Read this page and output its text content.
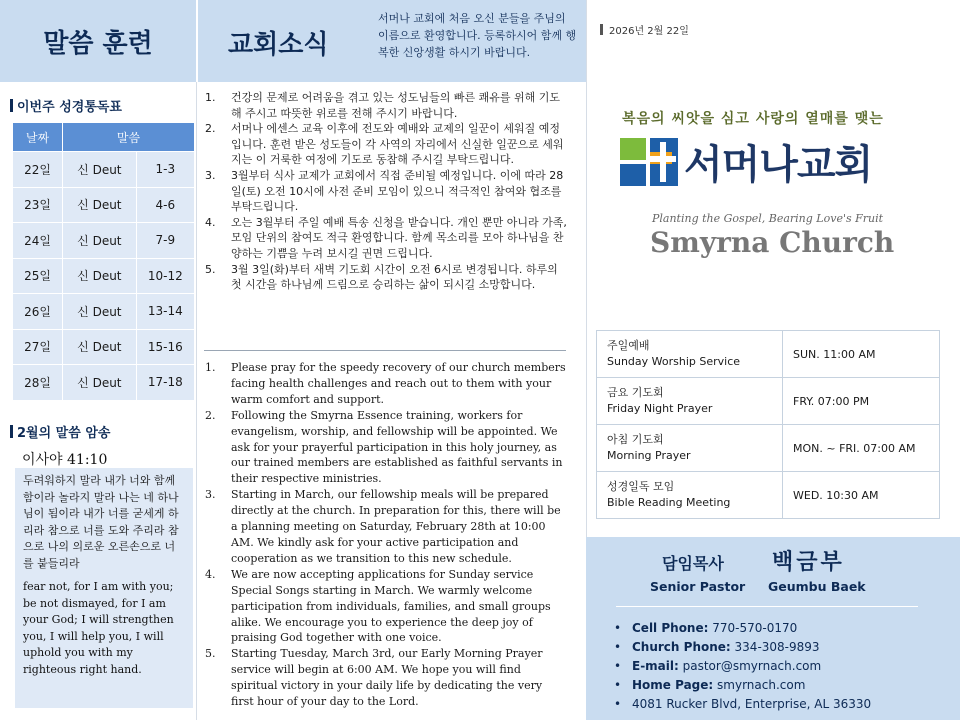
말씀 훈련	교회소식
서머나 교회에 처음 오신 분들을 주님의 이름으로 환영합니다. 등록하시어 함께 행복한 신앙생활 하시기 바랍니다.
이번주 성경통독표
날짜	말씀	
22일	신 Deut	1-3
23일	신 Deut	4-6
24일	신 Deut	7-9
25일	신 Deut	10-12
26일	신 Deut	13-14
27일	신 Deut	15-16
28일	신 Deut	17-18
2월의 말씀 암송
이사야 41:10
두려워하지 말라 내가 너와 함께 함이라 놀라지 말라 나는 네 하나님이 됨이라 내가 너를 굳세게 하리라 참으로 너를 도와 주리라 참으로 나의 의로운 오른손으로 너를 붙들리라
fear not, for I am with you; be not dismayed, for I am your God; I will strengthen you, I will help you, I will uphold you with my righteous right hand.
1.	건강의 문제로 어려움을 겪고 있는 성도님들의 빠른 쾌유를 위해 기도해 주시고 따뜻한 위로를 전해 주시기 바랍니다.
2.	서머나 에센스 교육 이후에 전도와 예배와 교제의 일꾼이 세워질 예정입니다. 훈련 받은 성도들이 각 사역의 자리에서 신실한 일꾼으로 세워지는 이 거룩한 여정에 기도로 동참해 주시길 부탁드립니다.
3.	3월부터 식사 교제가 교회에서 직접 준비될 예정입니다. 이에 따라 28일(토) 오전 10시에 사전 준비 모임이 있으니 적극적인 참여와 협조를 부탁드립니다.
4.	오는 3월부터 주일 예배 특송 신청을 받습니다. 개인 뿐만 아니라 가족, 모임 단위의 참여도 적극 환영합니다. 함께 목소리를 모아 하나님을 찬양하는 기쁨을 누려 보시길 권면 드립니다.
5.	3월 3일(화)부터 새벽 기도회 시간이 오전 6시로 변경됩니다. 하루의 첫 시간을 하나님께 드림으로 승리하는 삶이 되시길 소망합니다.
1.	Please pray for the speedy recovery of our church members facing health challenges and reach out to them with your warm comfort and support.
2.	Following the Smyrna Essence training, workers for evangelism, worship, and fellowship will be appointed. We ask for your prayerful participation in this holy journey, as our trained members are established as faithful servants in their respective ministries.
3.	Starting in March, our fellowship meals will be prepared directly at the church. In preparation for this, there will be a planning meeting on Saturday, February 28th at 10:00 AM. We kindly ask for your active participation and cooperation as we transition to this new schedule.
4.	We are now accepting applications for Sunday service Special Songs starting in March. We warmly welcome participation from individuals, families, and small groups alike. We encourage you to experience the deep joy of praising God together with one voice.
5.	Starting Tuesday, March 3rd, our Early Morning Prayer service will begin at 6:00 AM. We hope you will find spiritual victory in your daily life by dedicating the very first hour of your day to the Lord.
2026년 2월 22일
복음의 씨앗을 심고 사랑의 열매를 맺는
서머나교회
Planting the Gospel, Bearing Love's Fruit
Smyrna Church
주일예배
Sunday Worship Service	SUN. 11:00 AM

금요 기도회
Friday Night Prayer	FRY. 07:00 PM

아침 기도회
Morning Prayer	MON. ~ FRI. 07:00 AM

성경일독 모임
Bible Reading Meeting	WED. 10:30 AM
담임목사 백금부
Senior Pastor Geumbu Baek
• Cell Phone: 770-570-0170
• Church Phone: 334-308-9893
• E-mail: pastor@smyrnach.com
• Home Page: smyrnach.com
• 4081 Rucker Blvd, Enterprise, AL 36330
